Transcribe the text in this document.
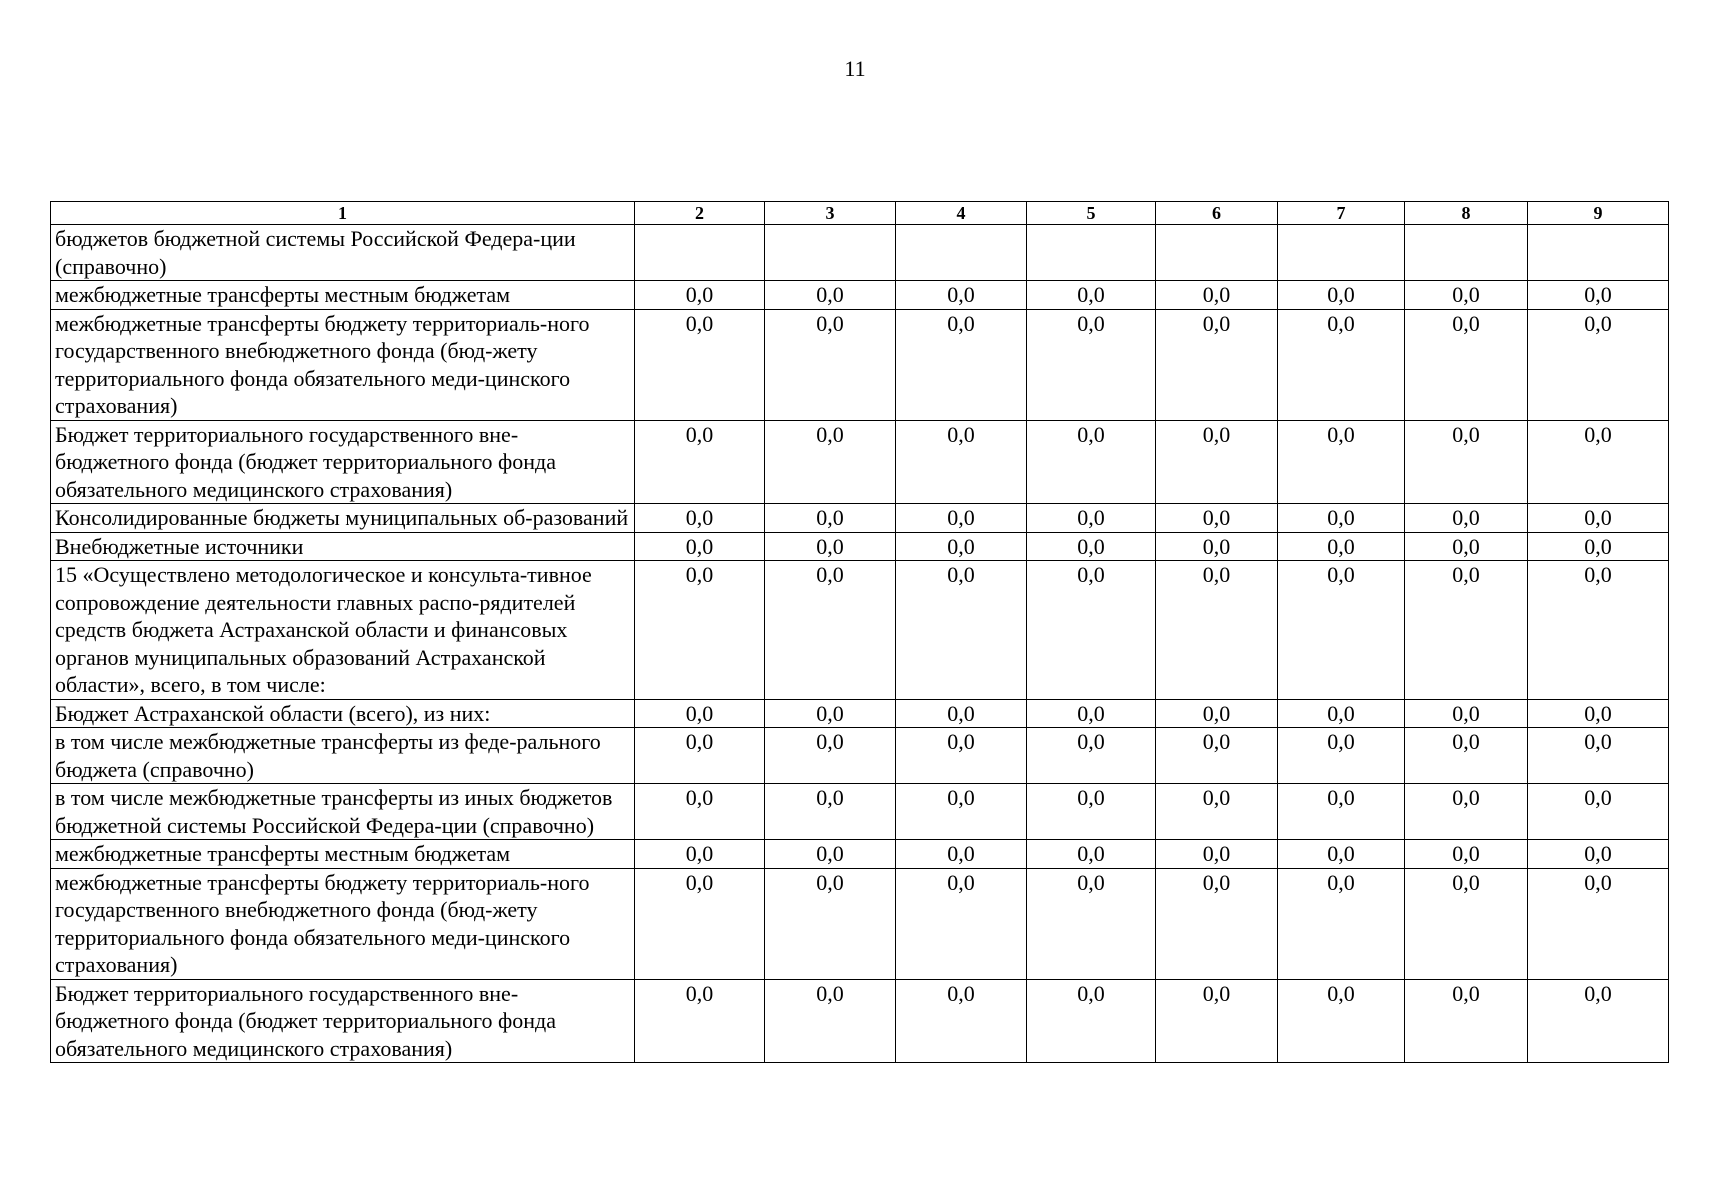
11
1	2	3	4	5	6	7	8	9
бюджетов бюджетной системы Российской Федера-ции (справочно)								
межбюджетные трансферты местным бюджетам	0,0	0,0	0,0	0,0	0,0	0,0	0,0	0,0
межбюджетные трансферты бюджету территориаль-ного государственного внебюджетного фонда (бюд-жету территориального фонда обязательного меди-цинского страхования)	0,0	0,0	0,0	0,0	0,0	0,0	0,0	0,0
Бюджет территориального государственного вне-бюджетного фонда (бюджет территориального фонда обязательного медицинского страхования)	0,0	0,0	0,0	0,0	0,0	0,0	0,0	0,0
Консолидированные бюджеты муниципальных об-разований	0,0	0,0	0,0	0,0	0,0	0,0	0,0	0,0
Внебюджетные источники	0,0	0,0	0,0	0,0	0,0	0,0	0,0	0,0
15 «Осуществлено методологическое и консульта-тивное сопровождение деятельности главных распо-рядителей средств бюджета Астраханской области и финансовых органов муниципальных образований Астраханской области», всего, в том числе:	0,0	0,0	0,0	0,0	0,0	0,0	0,0	0,0
Бюджет Астраханской области (всего), из них:	0,0	0,0	0,0	0,0	0,0	0,0	0,0	0,0
в том числе межбюджетные трансферты из феде-рального бюджета (справочно)	0,0	0,0	0,0	0,0	0,0	0,0	0,0	0,0
в том числе межбюджетные трансферты из иных бюджетов бюджетной системы Российской Федера-ции (справочно)	0,0	0,0	0,0	0,0	0,0	0,0	0,0	0,0
межбюджетные трансферты местным бюджетам	0,0	0,0	0,0	0,0	0,0	0,0	0,0	0,0
межбюджетные трансферты бюджету территориаль-ного государственного внебюджетного фонда (бюд-жету территориального фонда обязательного меди-цинского страхования)	0,0	0,0	0,0	0,0	0,0	0,0	0,0	0,0
Бюджет территориального государственного вне-бюджетного фонда (бюджет территориального фонда обязательного медицинского страхования)	0,0	0,0	0,0	0,0	0,0	0,0	0,0	0,0
